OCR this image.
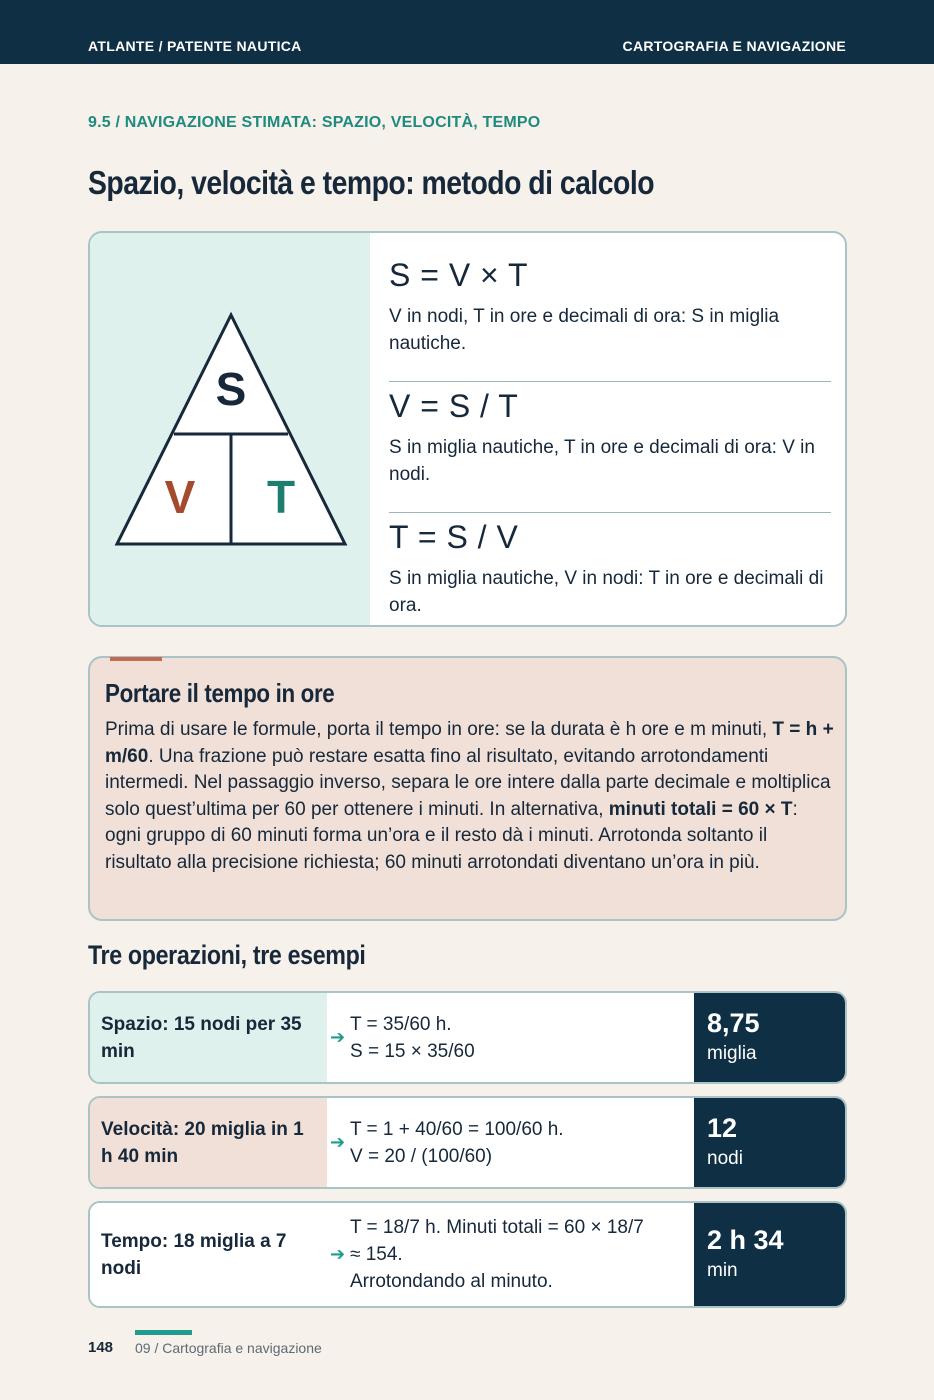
ATLANTE / PATENTE NAUTICA	CARTOGRAFIA E NAVIGAZIONE
9.5 / NAVIGAZIONE STIMATA: SPAZIO, VELOCITÀ, TEMPO
Spazio, velocità e tempo: metodo di calcolo
S
V T
S = V × T
V in nodi, T in ore e decimali di ora: S in miglia nautiche.
V = S / T
S in miglia nautiche, T in ore e decimali di ora: V in nodi.
T = S / V
S in miglia nautiche, V in nodi: T in ore e decimali di ora.
Portare il tempo in ore
Prima di usare le formule, porta il tempo in ore: se la durata è h ore e m minuti, T = h + m/60. Una frazione può restare esatta fino al risultato, evitando arrotondamenti intermedi. Nel passaggio inverso, separa le ore intere dalla parte decimale e moltiplica solo quest’ultima per 60 per ottenere i minuti. In alternativa, minuti totali = 60 × T: ogni gruppo di 60 minuti forma un’ora e il resto dà i minuti. Arrotonda soltanto il risultato alla precisione richiesta; 60 minuti arrotondati diventano un’ora in più.
Tre operazioni, tre esempi
Spazio: 15 nodi per 35 min
➔
T = 35/60 h.
S = 15 × 35/60
8,75
miglia
Velocità: 20 miglia in 1 h 40 min
➔
T = 1 + 40/60 = 100/60 h.
V = 20 / (100/60)
12
nodi
Tempo: 18 miglia a 7 nodi
➔
T = 18/7 h. Minuti totali = 60 × 18/7
≈ 154.
Arrotondando al minuto.
2 h 34
min
148 09 / Cartografia e navigazione
